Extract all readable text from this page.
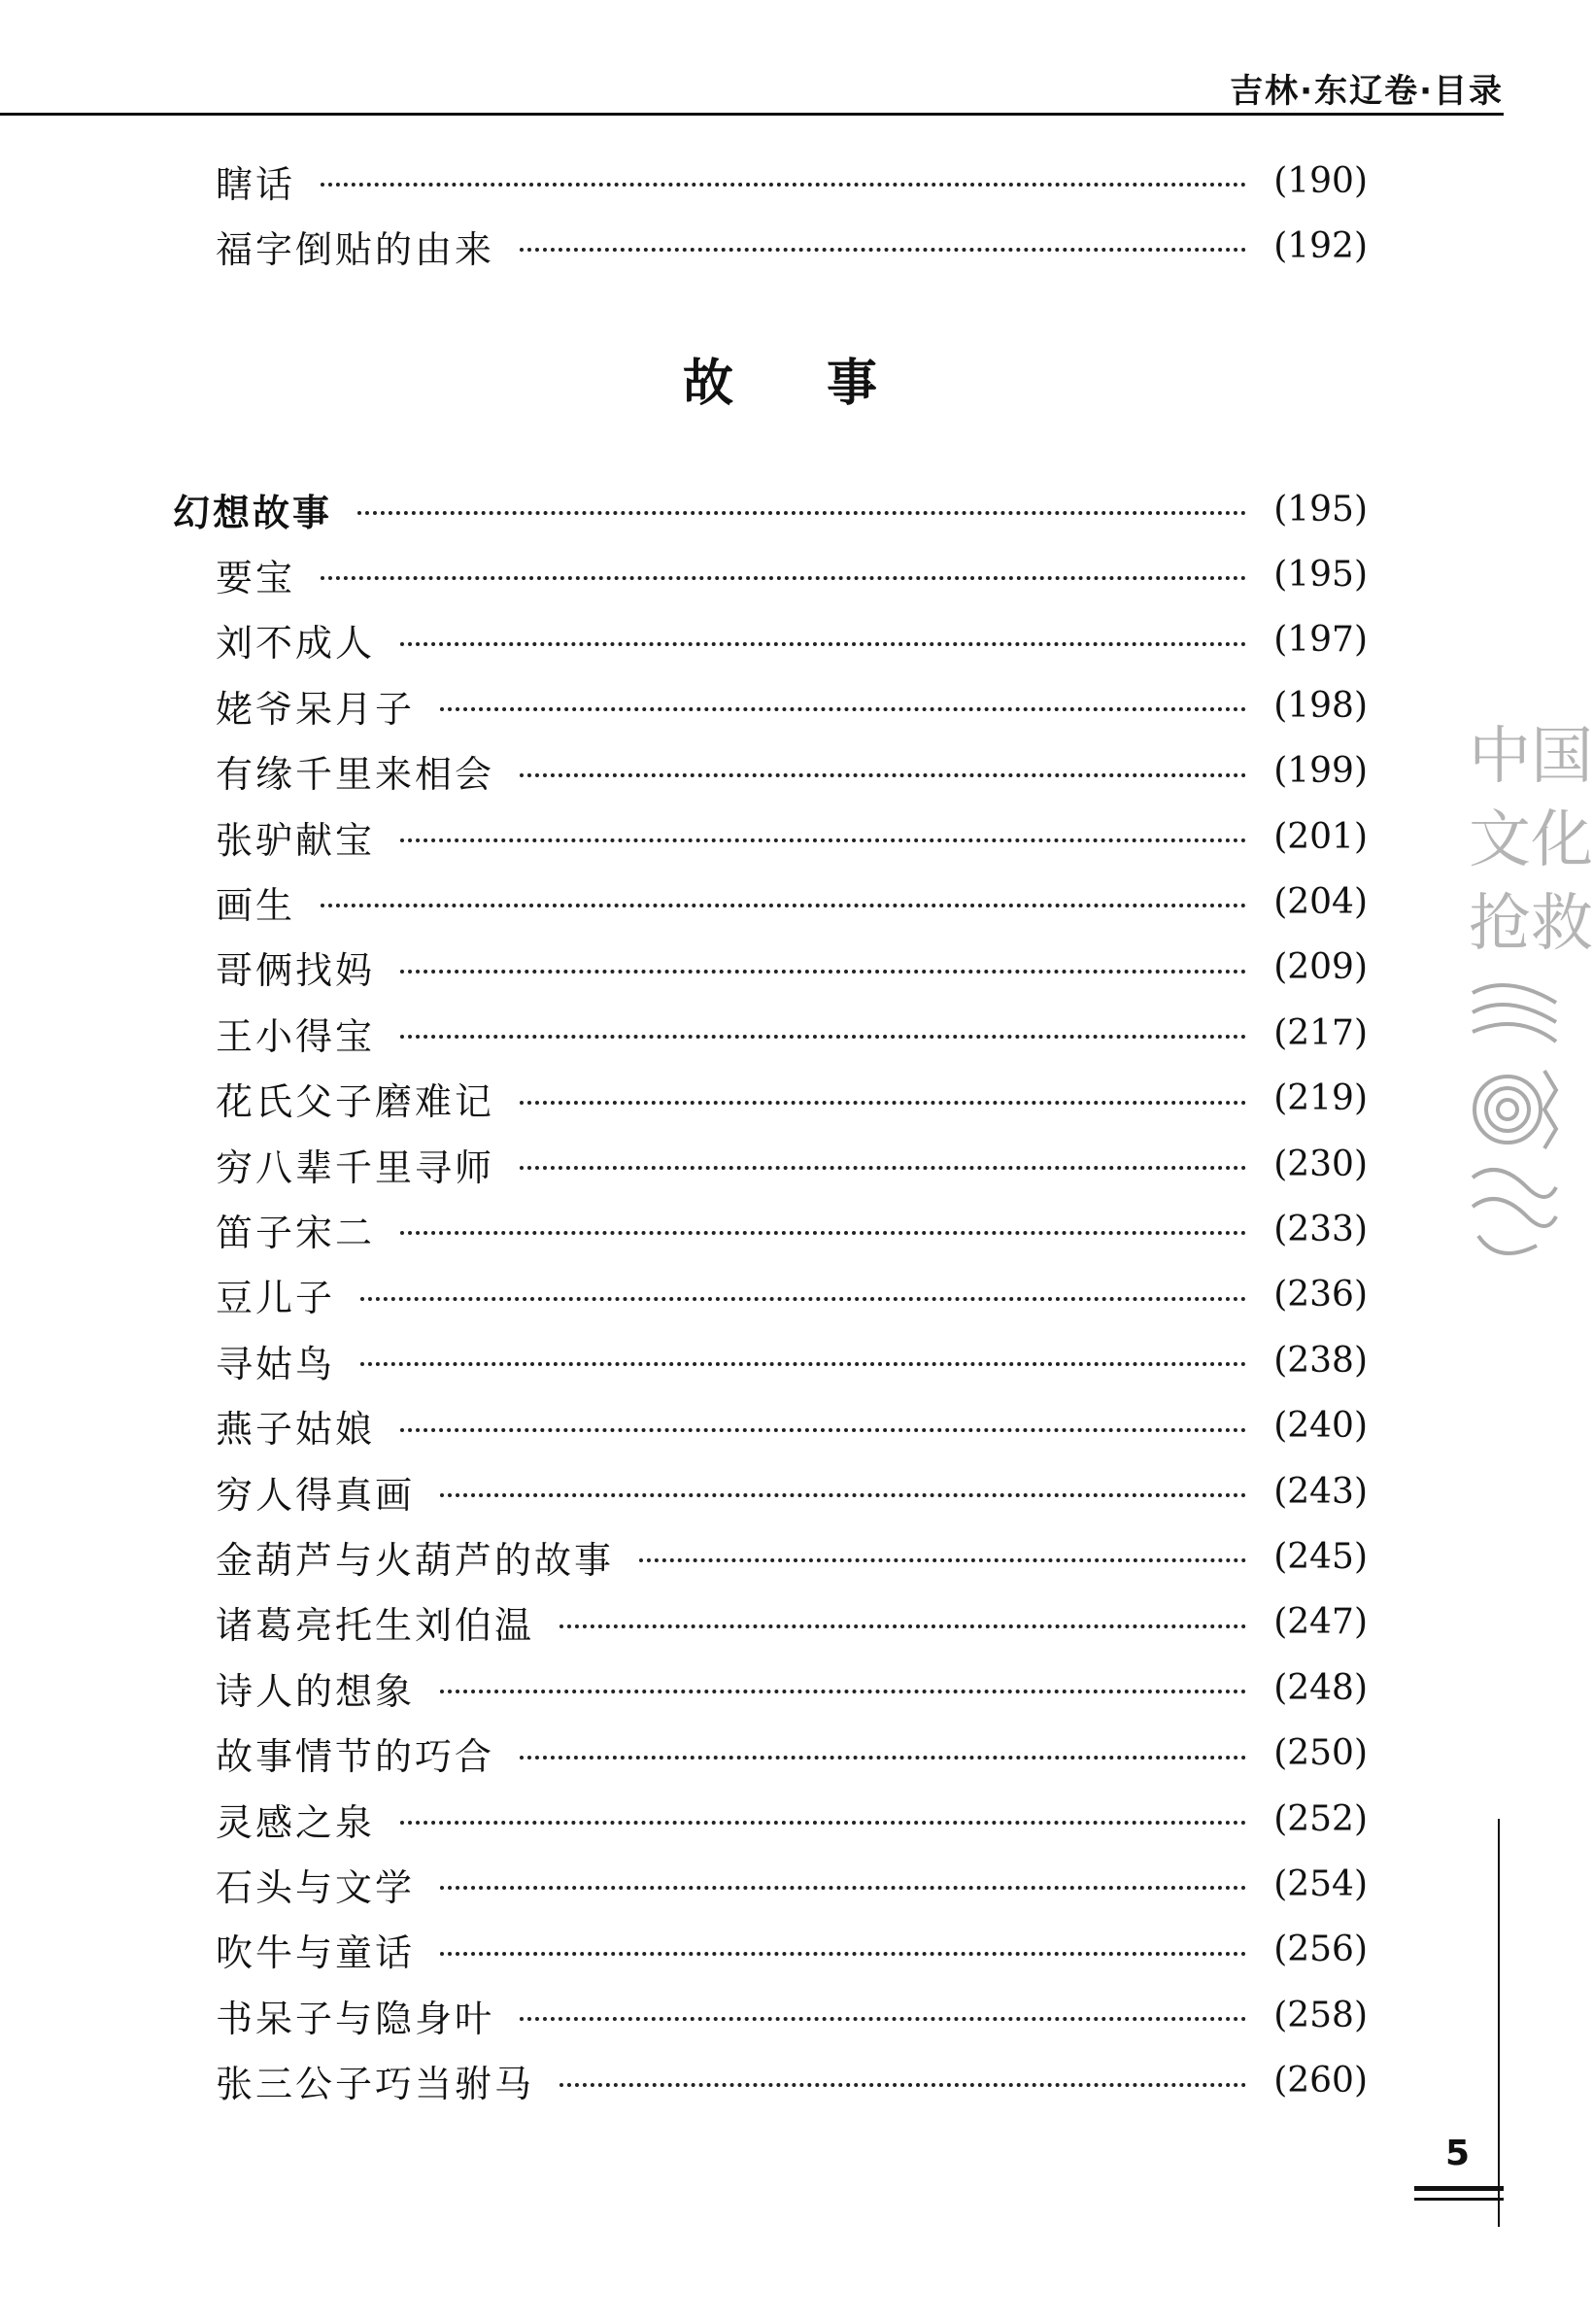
吉林·东辽卷·目录
瞎话	(190)
福字倒贴的由来	(192)
故事
幻想故事	(195)
要宝	(195)
刘不成人	(197)
姥爷呆月子	(198)
有缘千里来相会	(199)
张驴献宝	(201)
画生	(204)
哥俩找妈	(209)
王小得宝	(217)
花氏父子磨难记	(219)
穷八辈千里寻师	(230)
笛子宋二	(233)
豆儿子	(236)
寻姑鸟	(238)
燕子姑娘	(240)
穷人得真画	(243)
金葫芦与火葫芦的故事	(245)
诸葛亮托生刘伯温	(247)
诗人的想象	(248)
故事情节的巧合	(250)
灵感之泉	(252)
石头与文学	(254)
吹牛与童话	(256)
书呆子与隐身叶	(258)
张三公子巧当驸马	(260)
中国
文化
抢救
5
